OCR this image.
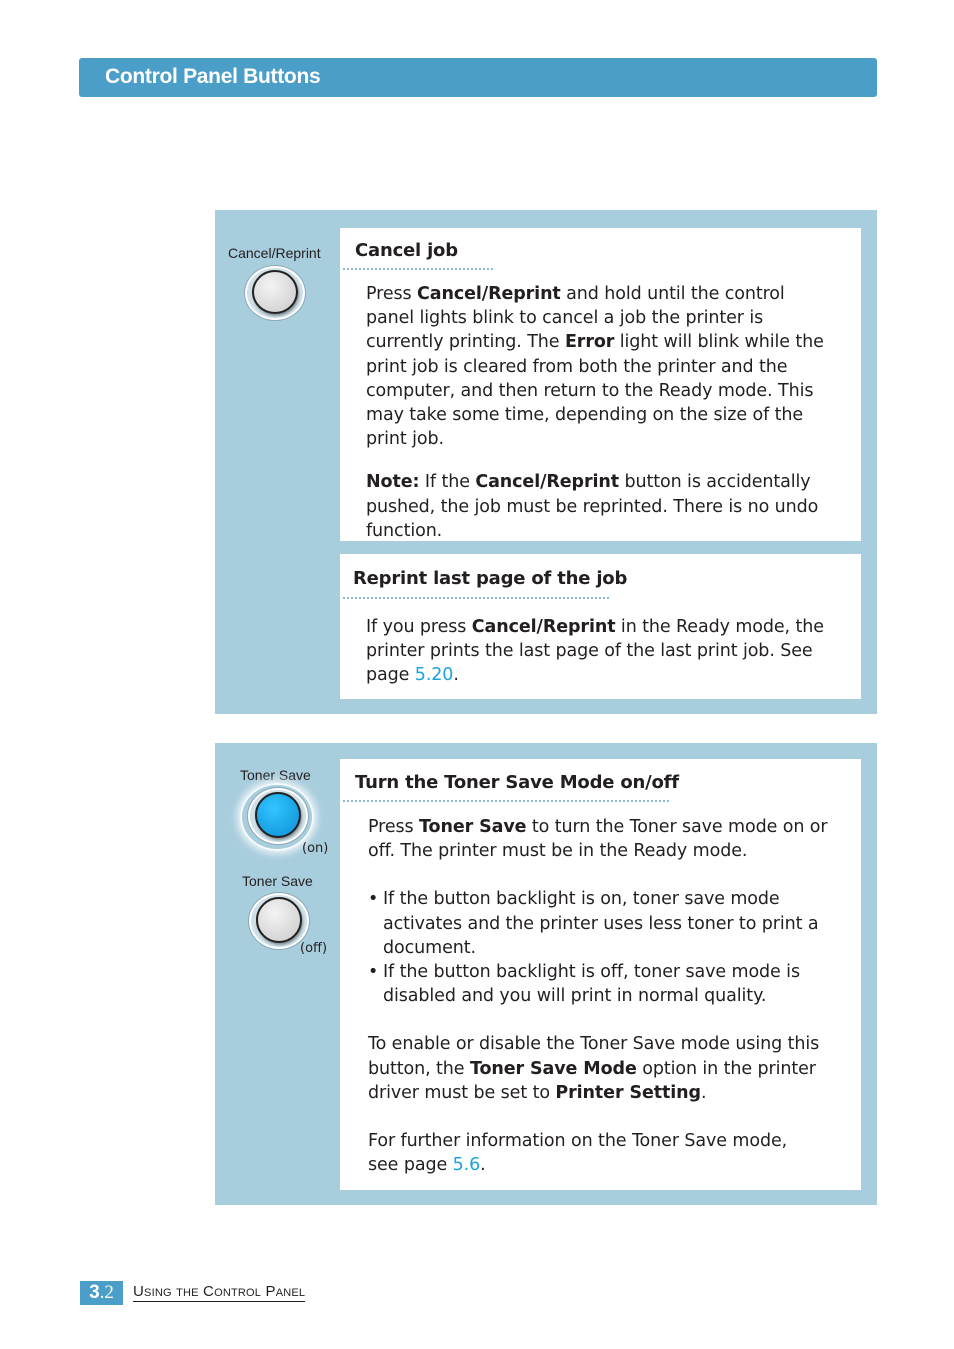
Control Panel Buttons
Cancel/Reprint Cancel job

Press Cancel/Reprint and hold until the control panel lights blink to cancel a job the printer is currently printing. The Error light will blink while the print job is cleared from both the printer and the computer, and then return to the Ready mode. This may take some time, depending on the size of the print job.

Note: If the Cancel/Reprint button is accidentally pushed, the job must be reprinted. There is no undo function.

Reprint last page of the job

If you press Cancel/Reprint in the Ready mode, the printer prints the last page of the last print job. See page 5.20.

Toner Save
(on)
Toner Save
(off)
Turn the Toner Save Mode on/off

Press Toner Save to turn the Toner save mode on or off. The printer must be in the Ready mode.

• If the button backlight is on, toner save mode activates and the printer uses less toner to print a document.
• If the button backlight is off, toner save mode is disabled and you will print in normal quality.

To enable or disable the Toner Save mode using this button, the Toner Save Mode option in the printer driver must be set to Printer Setting.

For further information on the Toner Save mode, see page 5.6.

3.2	Using the Control Panel
